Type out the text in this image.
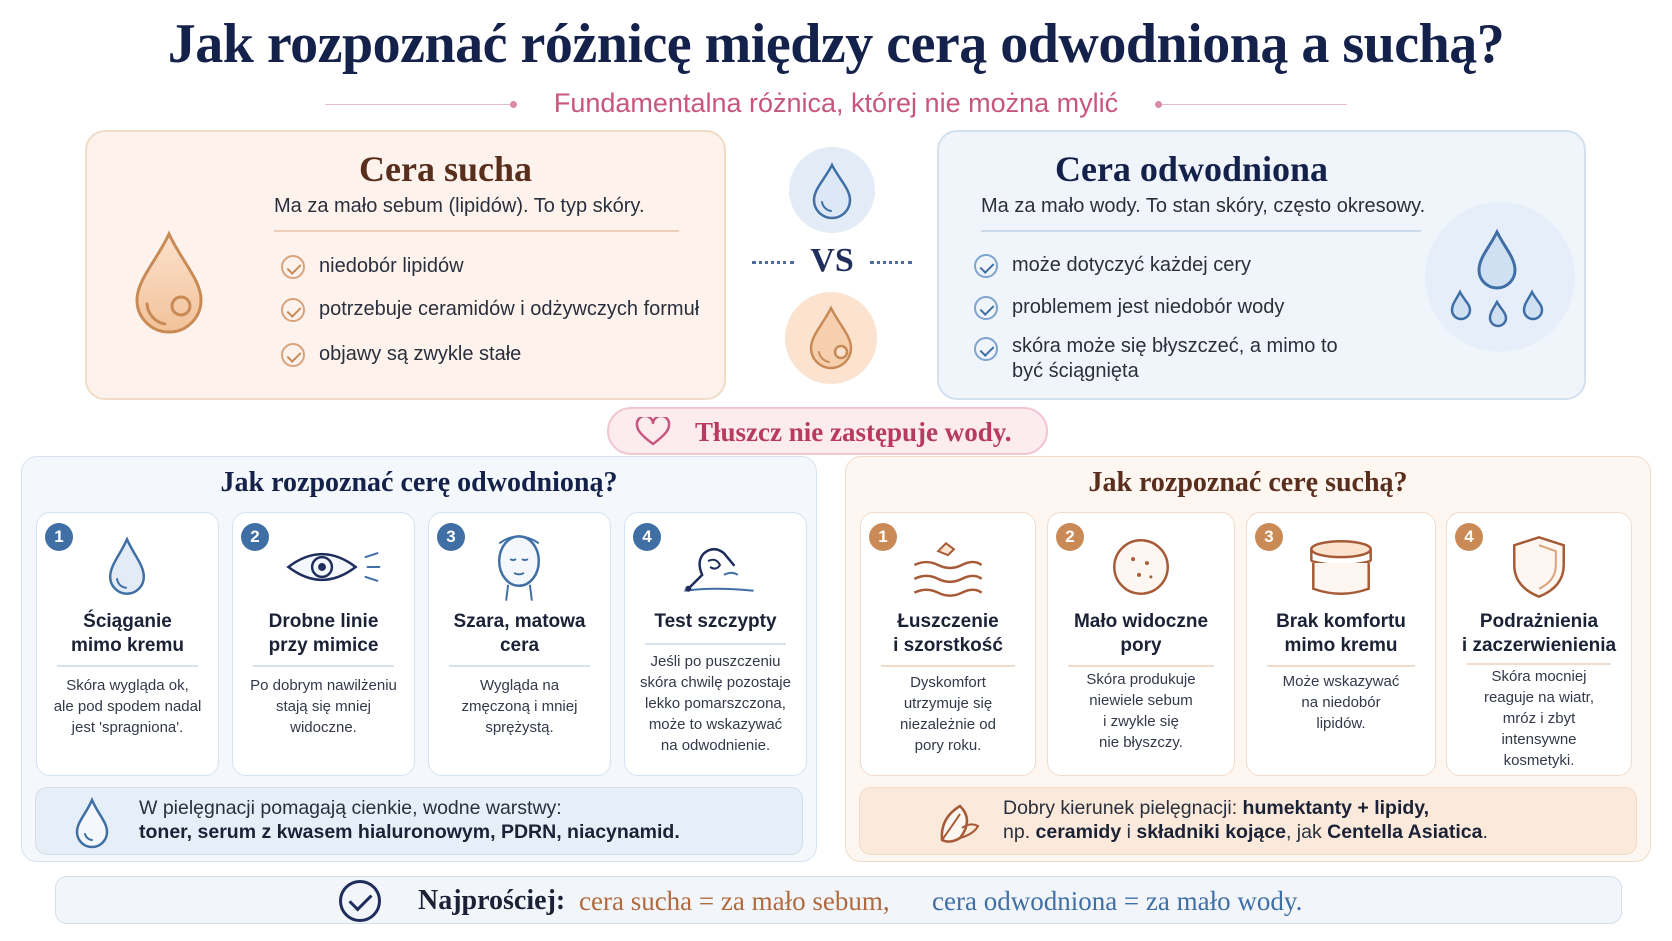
Jak rozpoznać różnicę między cerą odwodnioną a suchą?
Fundamentalna różnica, której nie można mylić
Cera sucha
Ma za mało sebum (lipidów). To typ skóry.
niedobór lipidów
potrzebuje ceramidów i odżywczych formuł
objawy są zwykle stałe
VS
Cera odwodniona
Ma za mało wody. To stan skóry, często okresowy.
może dotyczyć każdej cery
problemem jest niedobór wody
skóra może się błyszczeć, a mimo to
być ściągnięta
Tłuszcz nie zastępuje wody.
Jak rozpoznać cerę odwodnioną?
1
Ściąganie
mimo kremu
Skóra wygląda ok,
ale pod spodem nadal
jest 'spragniona'.
2
Drobne linie
przy mimice
Po dobrym nawilżeniu
stają się mniej
widoczne.
3
Szara, matowa
cera
Wygląda na
zmęczoną i mniej
sprężystą.
4
Test szczypty
Jeśli po puszczeniu
skóra chwilę pozostaje
lekko pomarszczona,
może to wskazywać
na odwodnienie.
W pielęgnacji pomagają cienkie, wodne warstwy:
toner, serum z kwasem hialuronowym, PDRN, niacynamid.
Jak rozpoznać cerę suchą?
1
Łuszczenie
i szorstkość
Dyskomfort
utrzymuje się
niezależnie od
pory roku.
2
Mało widoczne
pory
Skóra produkuje
niewiele sebum
i zwykle się
nie błyszczy.
3
Brak komfortu
mimo kremu
Może wskazywać
na niedobór
lipidów.
4
Podrażnienia
i zaczerwienienia
Skóra mocniej
reaguje na wiatr,
mróz i zbyt
intensywne
kosmetyki.
Dobry kierunek pielęgnacji: humektanty + lipidy,
np. ceramidy i składniki kojące, jak Centella Asiatica.
Najprościej: cera sucha = za mało sebum, cera odwodniona = za mało wody.
